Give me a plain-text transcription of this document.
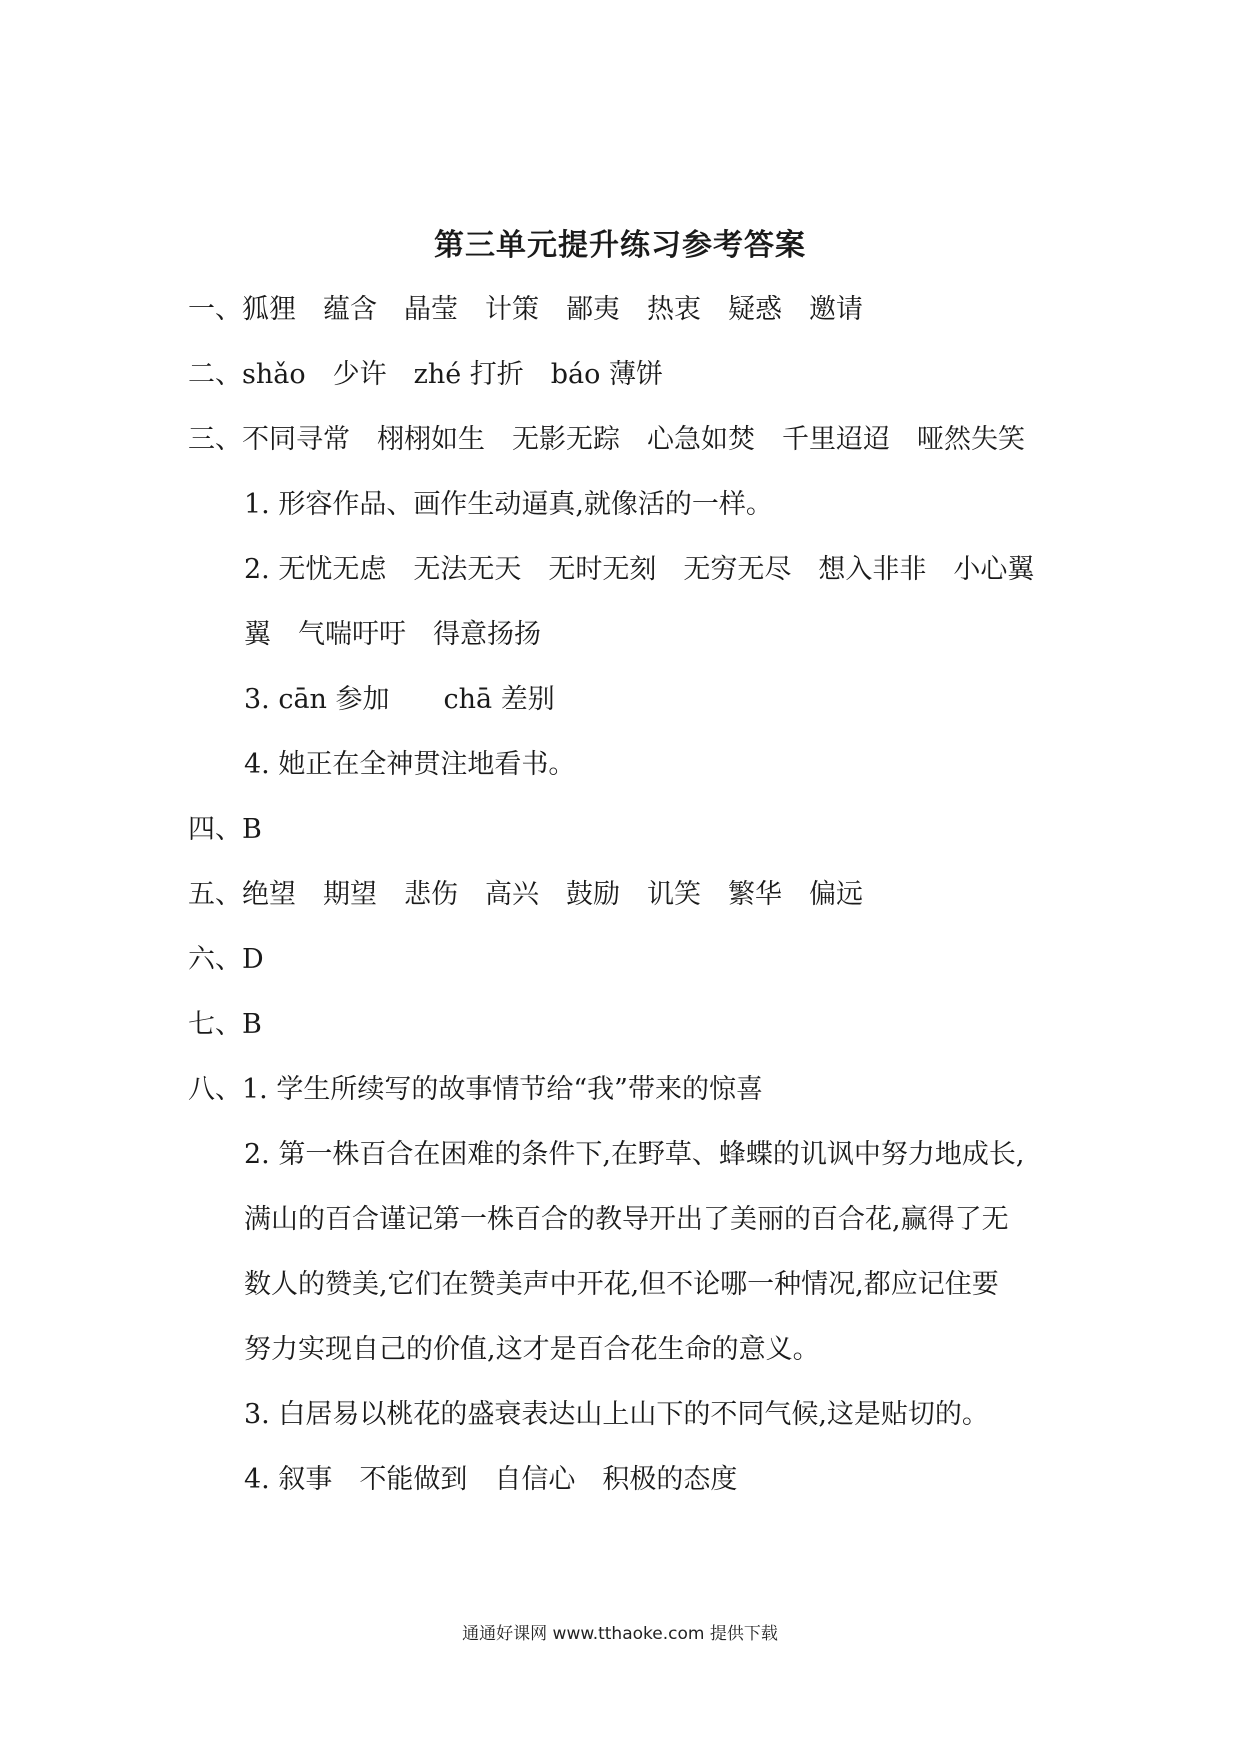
第三单元提升练习参考答案
一、狐狸　蕴含　晶莹　计策　鄙夷　热衷　疑惑　邀请
二、shǎo　少许　zhé 打折　báo 薄饼
三、不同寻常　栩栩如生　无影无踪　心急如焚　千里迢迢　哑然失笑
1. 形容作品、画作生动逼真,就像活的一样。
2. 无忧无虑　无法无天　无时无刻　无穷无尽　想入非非　小心翼
翼　气喘吁吁　得意扬扬
3. cān 参加　　chā 差别
4. 她正在全神贯注地看书。
四、B
五、绝望　期望　悲伤　高兴　鼓励　讥笑　繁华　偏远
六、D
七、B
八、1. 学生所续写的故事情节给“我”带来的惊喜
2. 第一株百合在困难的条件下,在野草、蜂蝶的讥讽中努力地成长,
满山的百合谨记第一株百合的教导开出了美丽的百合花,赢得了无
数人的赞美,它们在赞美声中开花,但不论哪一种情况,都应记住要
努力实现自己的价值,这才是百合花生命的意义。
3. 白居易以桃花的盛衰表达山上山下的不同气候,这是贴切的。
4. 叙事　不能做到　自信心　积极的态度
通通好课网 www.tthaoke.com 提供下载
